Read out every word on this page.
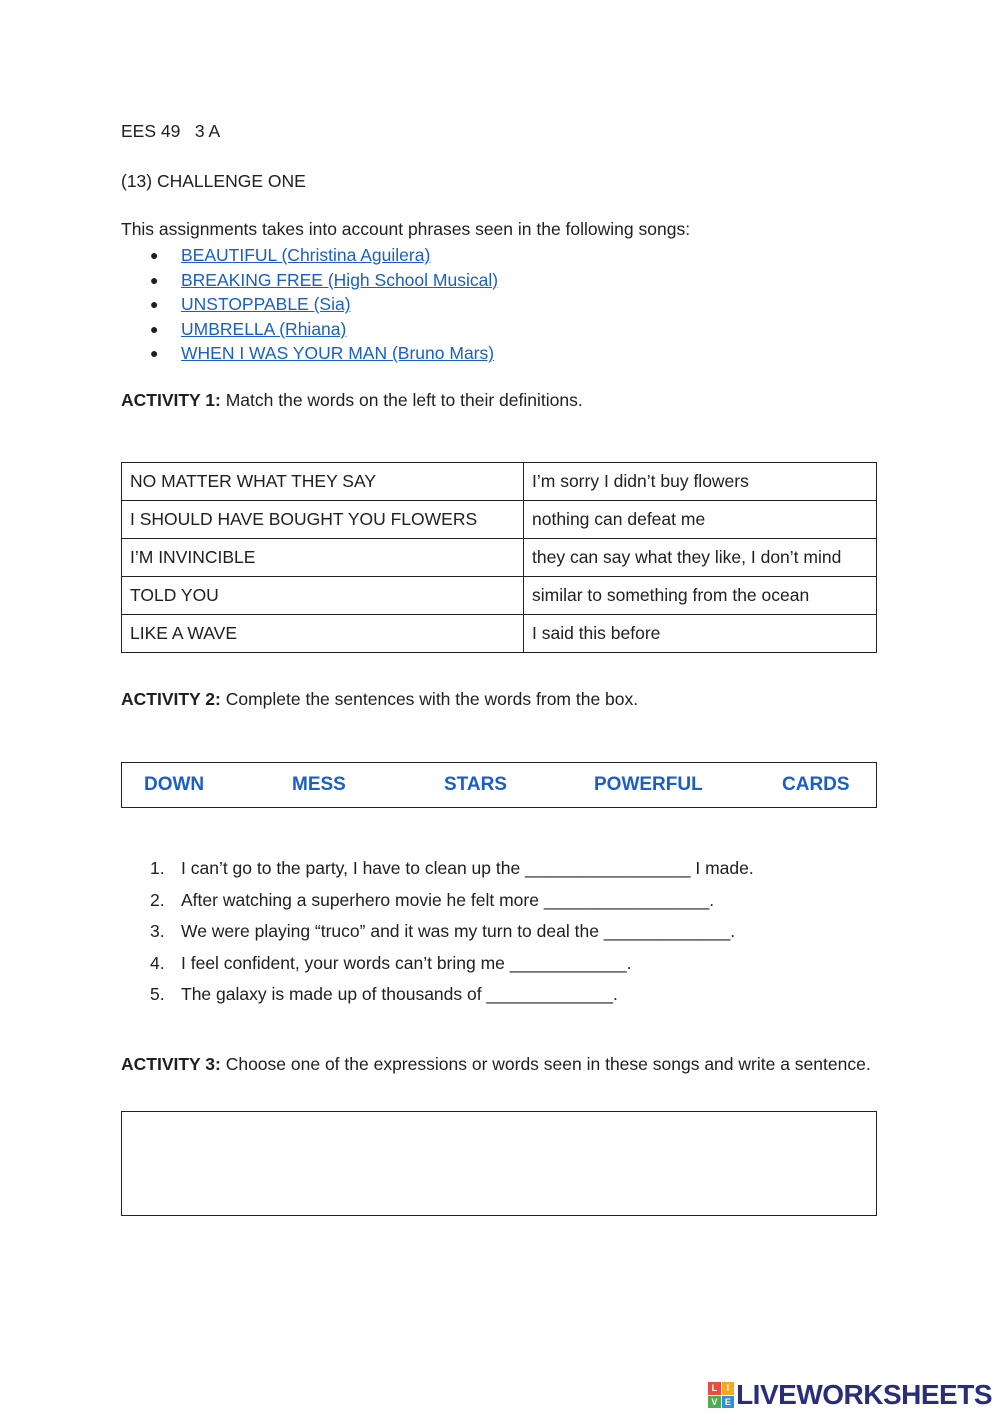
EES 49   3 A
(13) CHALLENGE ONE
This assignments takes into account phrases seen in the following songs:
●	BEAUTIFUL (Christina Aguilera)
●	BREAKING FREE (High School Musical)
●	UNSTOPPABLE (Sia)
●	UMBRELLA (Rhiana)
●	WHEN I WAS YOUR MAN (Bruno Mars)
ACTIVITY 1: Match the words on the left to their definitions.
NO MATTER WHAT THEY SAY	I’m sorry I didn’t buy flowers
I SHOULD HAVE BOUGHT YOU FLOWERS	nothing can defeat me
I’M INVINCIBLE	they can say what they like, I don’t mind
TOLD YOU	similar to something from the ocean
LIKE A WAVE	I said this before
ACTIVITY 2: Complete the sentences with the words from the box.
DOWN	MESS	STARS	POWERFUL	CARDS
1. I can’t go to the party, I have to clean up the _________________ I made.
2. After watching a superhero movie he felt more _________________.
3. We were playing “truco” and it was my turn to deal the _____________.
4. I feel confident, your words can’t bring me ____________.
5. The galaxy is made up of thousands of _____________.
ACTIVITY 3: Choose one of the expressions or words seen in these songs and write a sentence.
L	I
V E LIVEWORKSHEETS
